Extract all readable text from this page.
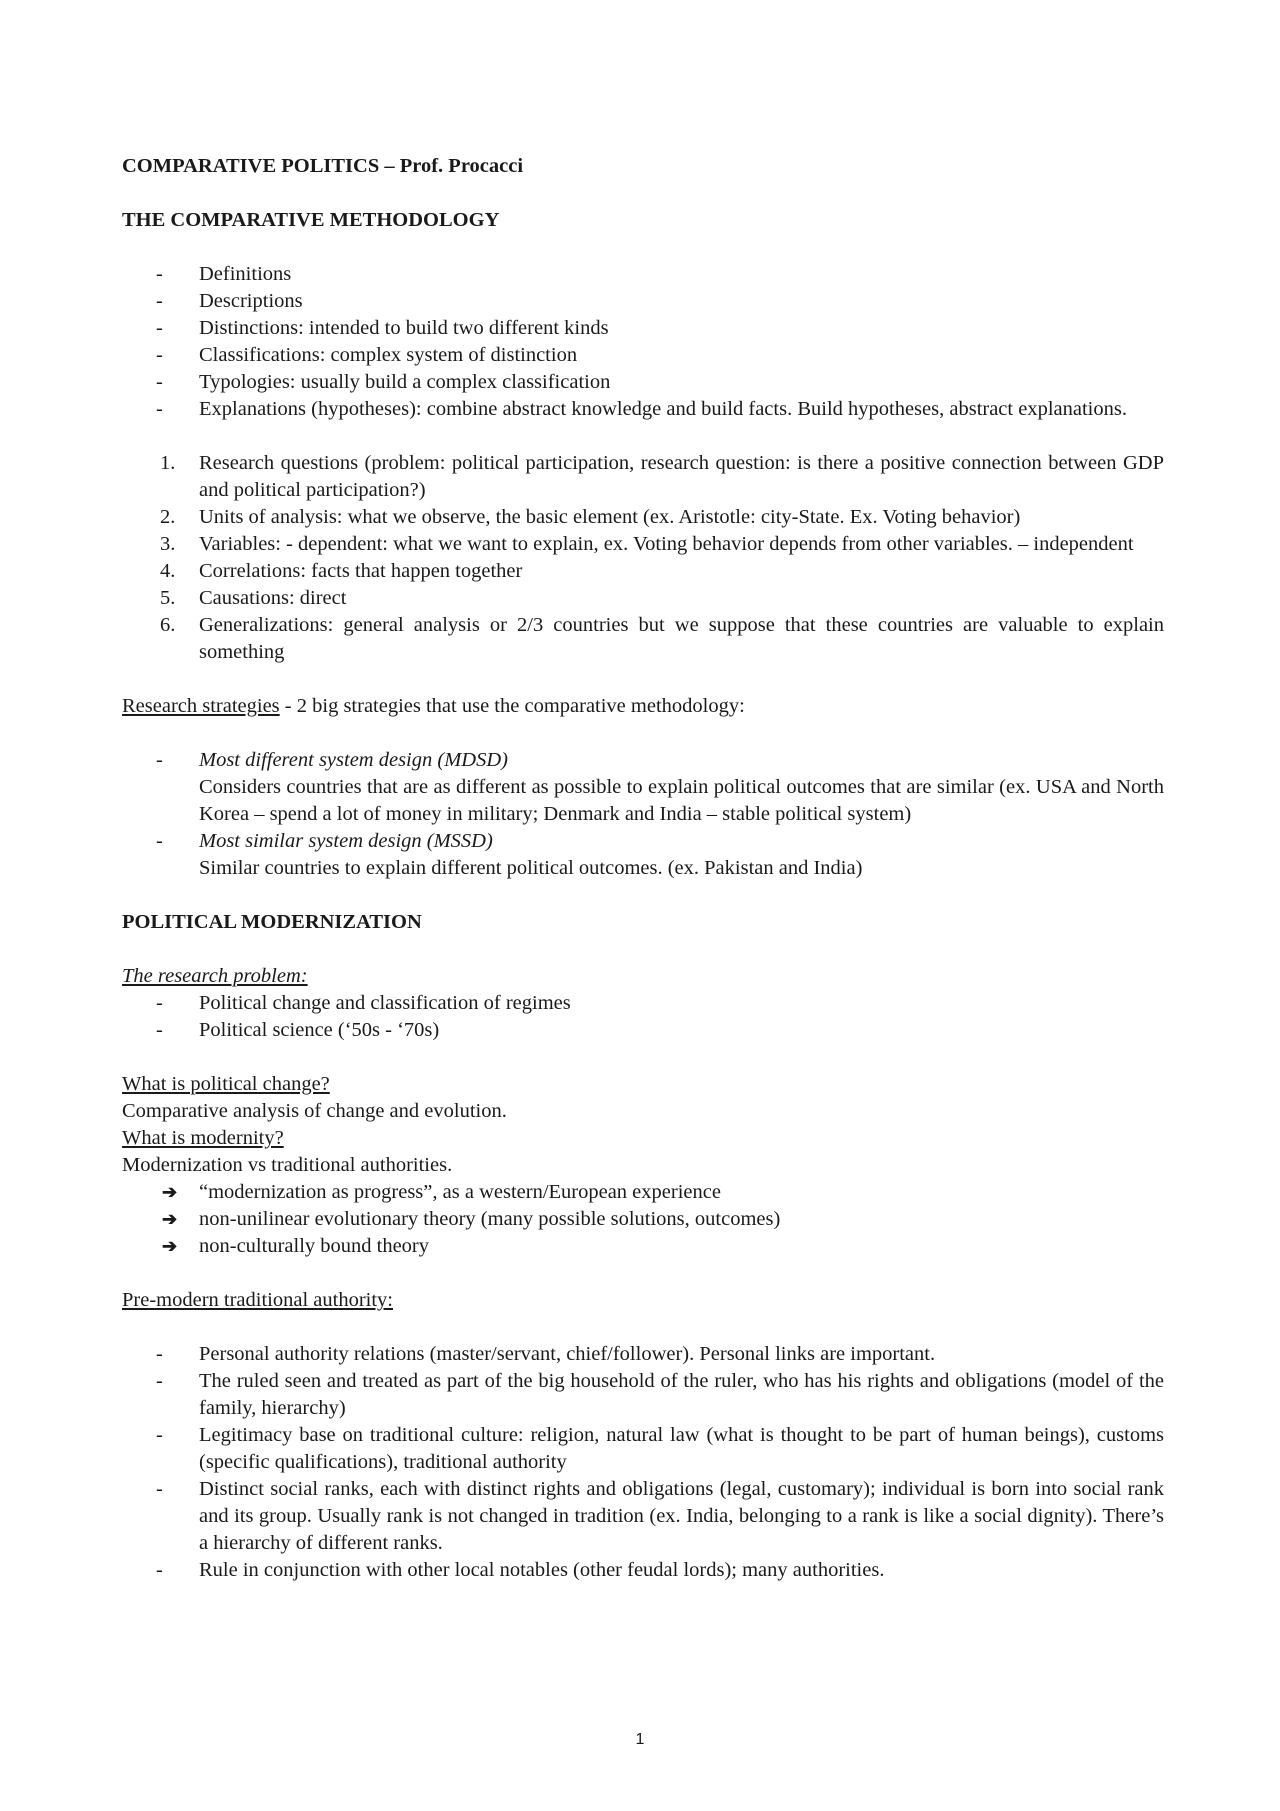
COMPARATIVE POLITICS – Prof. Procacci

THE COMPARATIVE METHODOLOGY

-	Definitions
-	Descriptions
-	Distinctions: intended to build two different kinds
-	Classifications: complex system of distinction
-	Typologies: usually build a complex classification
-	Explanations (hypotheses): combine abstract knowledge and build facts. Build hypotheses, abstract explanations.
1.	Research questions (problem: political participation, research question: is there a positive connection between GDP and political participation?)
2.	Units of analysis: what we observe, the basic element (ex. Aristotle: city-State. Ex. Voting behavior)
3.	Variables: - dependent: what we want to explain, ex. Voting behavior depends from other variables. – independent
4.	Correlations: facts that happen together
5.	Causations: direct
6.	Generalizations: general analysis or 2/3 countries but we suppose that these countries are valuable to explain something

Research strategies - 2 big strategies that use the comparative methodology:

-	Most different system design (MDSD)
Considers countries that are as different as possible to explain political outcomes that are similar (ex. USA and North Korea – spend a lot of money in military; Denmark and India – stable political system)
-	Most similar system design (MSSD)
Similar countries to explain different political outcomes. (ex. Pakistan and India)

POLITICAL MODERNIZATION

The research problem:

-	Political change and classification of regimes
-	Political science (‘50s - ‘70s)

What is political change?

Comparative analysis of change and evolution.

What is modernity?

Modernization vs traditional authorities.

➔	“modernization as progress”, as a western/European experience
➔	non-unilinear evolutionary theory (many possible solutions, outcomes)
➔	non-culturally bound theory

Pre-modern traditional authority:

-	Personal authority relations (master/servant, chief/follower). Personal links are important.
-	The ruled seen and treated as part of the big household of the ruler, who has his rights and obligations (model of the family, hierarchy)
-	Legitimacy base on traditional culture: religion, natural law (what is thought to be part of human beings), customs (specific qualifications), traditional authority
-	Distinct social ranks, each with distinct rights and obligations (legal, customary); individual is born into social rank and its group. Usually rank is not changed in tradition (ex. India, belonging to a rank is like a social dignity). There’s a hierarchy of different ranks.
-	Rule in conjunction with other local notables (other feudal lords); many authorities.
1
